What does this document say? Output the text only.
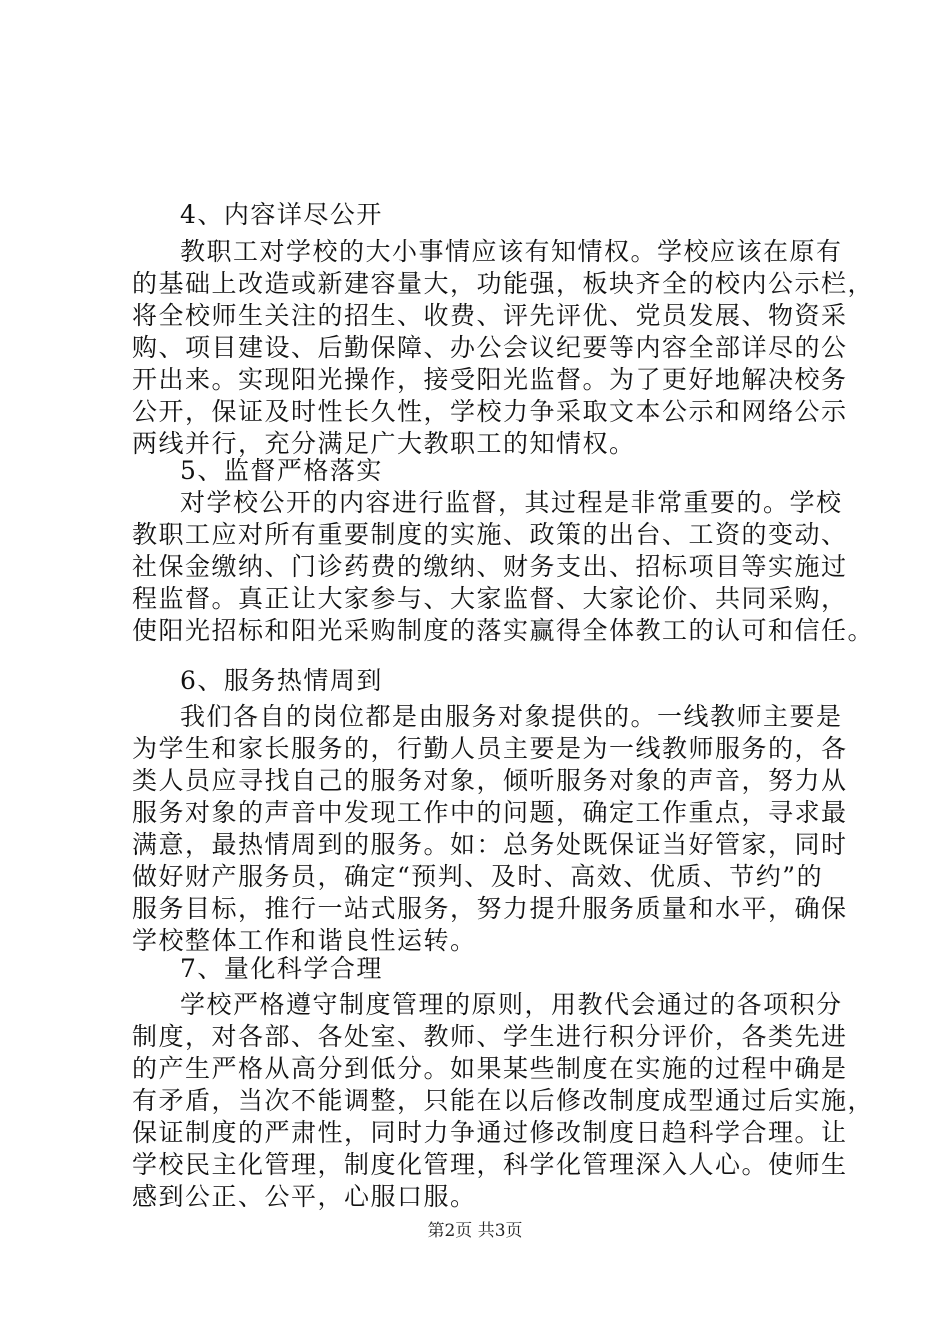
4、内容详尽公开
教职工对学校的大小事情应该有知情权。学校应该在原有
的基础上改造或新建容量大，功能强，板块齐全的校内公示栏，
将全校师生关注的招生、收费、评先评优、党员发展、物资采
购、项目建设、后勤保障、办公会议纪要等内容全部详尽的公
开出来。实现阳光操作，接受阳光监督。为了更好地解决校务
公开，保证及时性长久性，学校力争采取文本公示和网络公示
两线并行，充分满足广大教职工的知情权。
5、监督严格落实
对学校公开的内容进行监督，其过程是非常重要的。学校
教职工应对所有重要制度的实施、政策的出台、工资的变动、
社保金缴纳、门诊药费的缴纳、财务支出、招标项目等实施过
程监督。真正让大家参与、大家监督、大家论价、共同采购，
使阳光招标和阳光采购制度的落实赢得全体教工的认可和信任。
6、服务热情周到
我们各自的岗位都是由服务对象提供的。一线教师主要是
为学生和家长服务的，行勤人员主要是为一线教师服务的，各
类人员应寻找自己的服务对象，倾听服务对象的声音，努力从
服务对象的声音中发现工作中的问题，确定工作重点，寻求最
满意，最热情周到的服务。如：总务处既保证当好管家，同时
做好财产服务员，确定“预判、及时、高效、优质、节约”的
服务目标，推行一站式服务，努力提升服务质量和水平，确保
学校整体工作和谐良性运转。
7、量化科学合理
学校严格遵守制度管理的原则，用教代会通过的各项积分
制度，对各部、各处室、教师、学生进行积分评价，各类先进
的产生严格从高分到低分。如果某些制度在实施的过程中确是
有矛盾，当次不能调整，只能在以后修改制度成型通过后实施，
保证制度的严肃性，同时力争通过修改制度日趋科学合理。让
学校民主化管理，制度化管理，科学化管理深入人心。使师生
感到公正、公平，心服口服。
第2页 共3页
